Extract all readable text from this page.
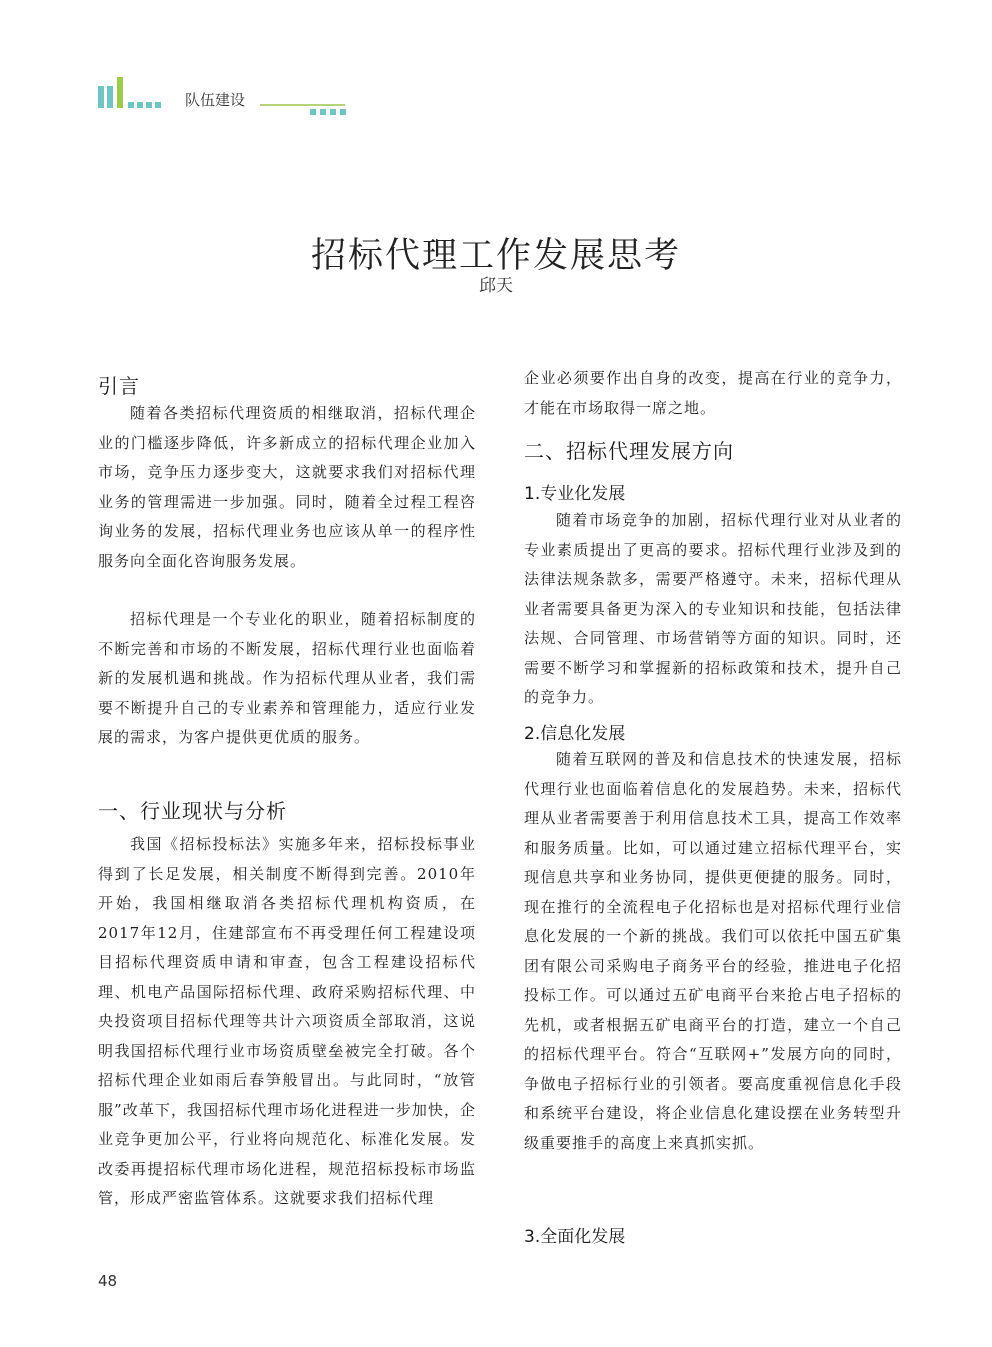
队伍建设
招标代理工作发展思考
邱天
引言

随着各类招标代理资质的相继取消，招标代理企业的门槛逐步降低，许多新成立的招标代理企业加入市场，竞争压力逐步变大，这就要求我们对招标代理业务的管理需进一步加强。同时，随着全过程工程咨询业务的发展，招标代理业务也应该从单一的程序性服务向全面化咨询服务发展。

招标代理是一个专业化的职业，随着招标制度的不断完善和市场的不断发展，招标代理行业也面临着新的发展机遇和挑战。作为招标代理从业者，我们需要不断提升自己的专业素养和管理能力，适应行业发展的需求，为客户提供更优质的服务。

一、行业现状与分析

我国《招标投标法》实施多年来，招标投标事业得到了长足发展，相关制度不断得到完善。2010年开始，我国相继取消各类招标代理机构资质，在2017年12月，住建部宣布不再受理任何工程建设项目招标代理资质申请和审查，包含工程建设招标代理、机电产品国际招标代理、政府采购招标代理、中央投资项目招标代理等共计六项资质全部取消，这说明我国招标代理行业市场资质壁垒被完全打破。各个招标代理企业如雨后春笋般冒出。与此同时，“放管服”改革下，我国招标代理市场化进程进一步加快，企业竞争更加公平，行业将向规范化、标准化发展。发改委再提招标代理市场化进程，规范招标投标市场监管，形成严密监管体系。这就要求我们招标代理

企业必须要作出自身的改变，提高在行业的竞争力，才能在市场取得一席之地。

二、招标代理发展方向
1.专业化发展

随着市场竞争的加剧，招标代理行业对从业者的专业素质提出了更高的要求。招标代理行业涉及到的法律法规条款多，需要严格遵守。未来，招标代理从业者需要具备更为深入的专业知识和技能，包括法律法规、合同管理、市场营销等方面的知识。同时，还需要不断学习和掌握新的招标政策和技术，提升自己的竞争力。

2.信息化发展

随着互联网的普及和信息技术的快速发展，招标代理行业也面临着信息化的发展趋势。未来，招标代理从业者需要善于利用信息技术工具，提高工作效率和服务质量。比如，可以通过建立招标代理平台，实现信息共享和业务协同，提供更便捷的服务。同时，现在推行的全流程电子化招标也是对招标代理行业信息化发展的一个新的挑战。我们可以依托中国五矿集团有限公司采购电子商务平台的经验，推进电子化招投标工作。可以通过五矿电商平台来抢占电子招标的先机，或者根据五矿电商平台的打造，建立一个自己的招标代理平台。符合“互联网+”发展方向的同时，争做电子招标行业的引领者。要高度重视信息化手段和系统平台建设，将企业信息化建设摆在业务转型升级重要推手的高度上来真抓实抓。

3.全面化发展
48
